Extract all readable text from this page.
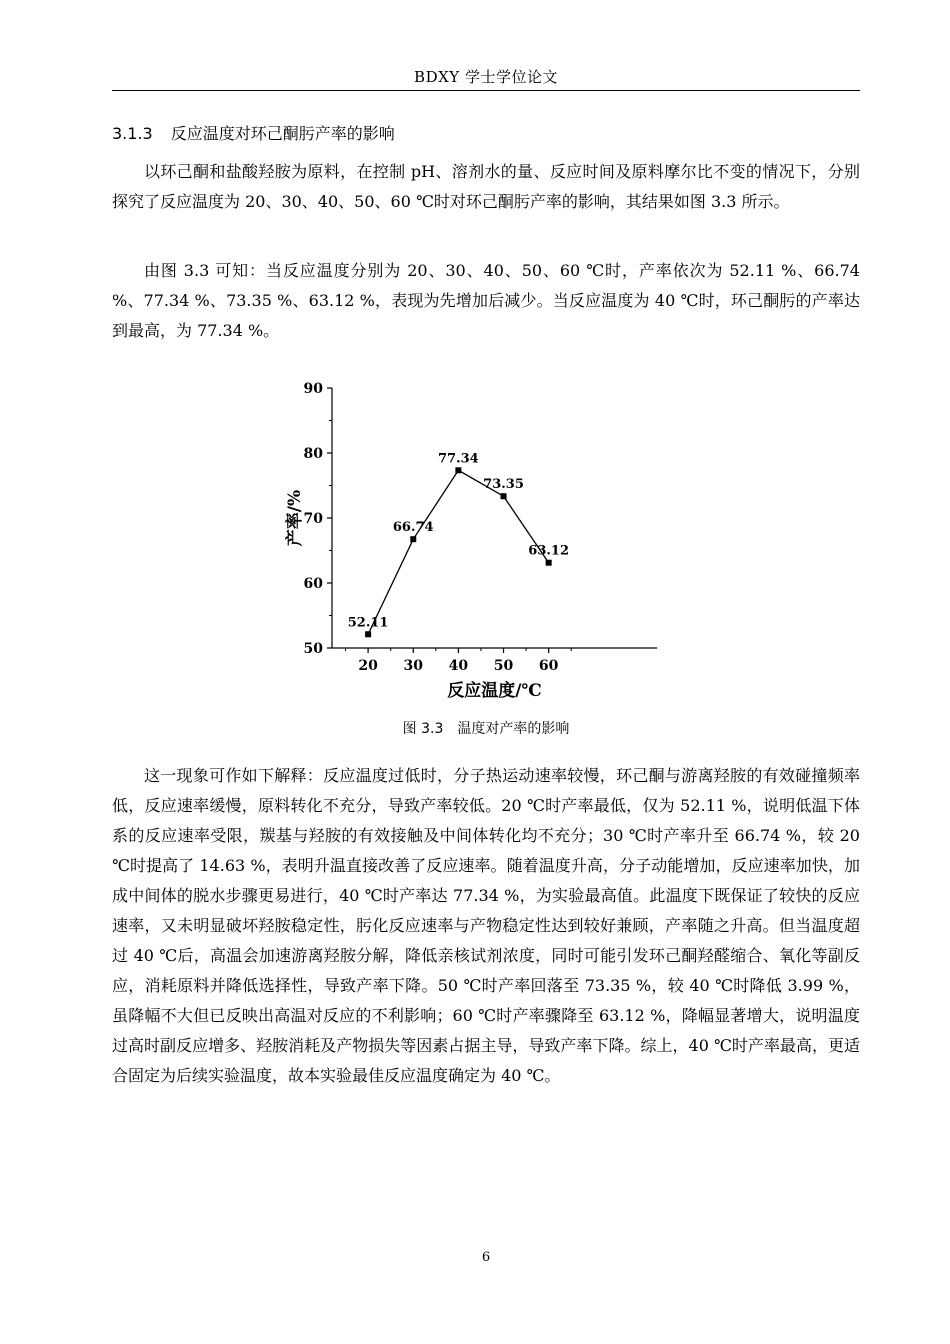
BDXY 学士学位论文
3.1.3 反应温度对环己酮肟产率的影响

以环己酮和盐酸羟胺为原料，在控制 pH、溶剂水的量、反应时间及原料摩尔比不变的情况下，分别探究了反应温度为 20、30、40、50、60 ℃时对环己酮肟产率的影响，其结果如图 3.3 所示。

由图 3.3 可知：当反应温度分别为 20、30、40、50、60 ℃时，产率依次为 52.11 %、66.74 %、77.34 %、73.35 %、63.12 %，表现为先增加后减少。当反应温度为 40 ℃时，环己酮肟的产率达到最高，为 77.34 %。

50
60
70
80
90
20 30 40 50 60
52.11
66.74
77.34
73.35
63.12
反应温度/℃
产率/%
图 3.3　温度对产率的影响

这一现象可作如下解释：反应温度过低时，分子热运动速率较慢，环己酮与游离羟胺的有效碰撞频率低，反应速率缓慢，原料转化不充分，导致产率较低。20 ℃时产率最低，仅为 52.11 %，说明低温下体系的反应速率受限，羰基与羟胺的有效接触及中间体转化均不充分；30 ℃时产率升至 66.74 %，较 20 ℃时提高了 14.63 %，表明升温直接改善了反应速率。随着温度升高，分子动能增加，反应速率加快，加成中间体的脱水步骤更易进行，40 ℃时产率达 77.34 %，为实验最高值。此温度下既保证了较快的反应速率，又未明显破坏羟胺稳定性，肟化反应速率与产物稳定性达到较好兼顾，产率随之升高。但当温度超过 40 ℃后，高温会加速游离羟胺分解，降低亲核试剂浓度，同时可能引发环己酮羟醛缩合、氧化等副反应，消耗原料并降低选择性，导致产率下降。50 ℃时产率回落至 73.35 %，较 40 ℃时降低 3.99 %，虽降幅不大但已反映出高温对反应的不利影响；60 ℃时产率骤降至 63.12 %，降幅显著增大，说明温度过高时副反应增多、羟胺消耗及产物损失等因素占据主导，导致产率下降。综上，40 ℃时产率最高，更适合固定为后续实验温度，故本实验最佳反应温度确定为 40 ℃。

6
